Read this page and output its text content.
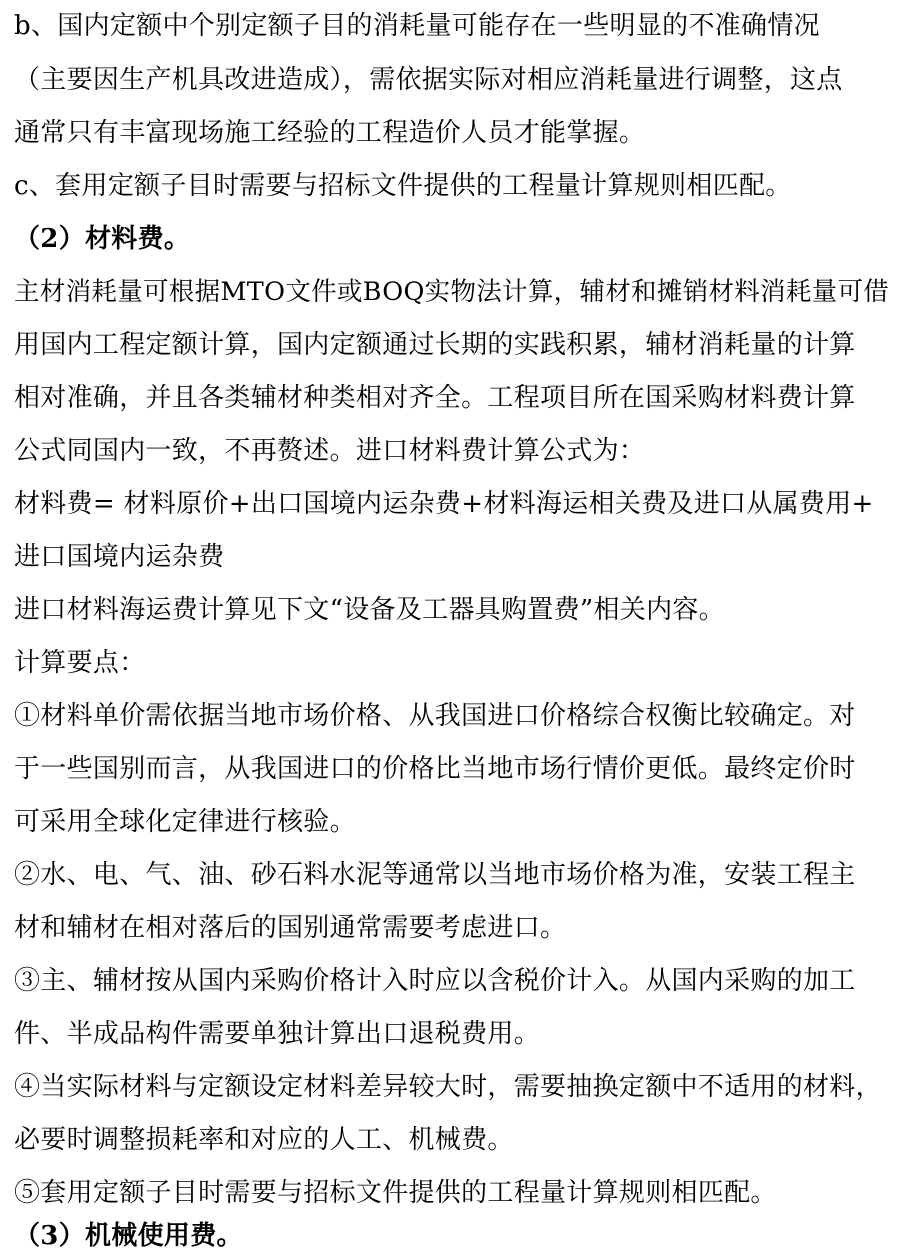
b、国内定额中个别定额子目的消耗量可能存在一些明显的不准确情况

（主要因生产机具改进造成），需依据实际对相应消耗量进行调整，这点

通常只有丰富现场施工经验的工程造价人员才能掌握。

c、套用定额子目时需要与招标文件提供的工程量计算规则相匹配。

（2）材料费。

主材消耗量可根据MTO文件或BOQ实物法计算，辅材和摊销材料消耗量可借

用国内工程定额计算，国内定额通过长期的实践积累，辅材消耗量的计算

相对准确，并且各类辅材种类相对齐全。工程项目所在国采购材料费计算

公式同国内一致，不再赘述。进口材料费计算公式为：

材料费= 材料原价+出口国境内运杂费+材料海运相关费及进口从属费用+

进口国境内运杂费

进口材料海运费计算见下文“设备及工器具购置费”相关内容。

计算要点：

①材料单价需依据当地市场价格、从我国进口价格综合权衡比较确定。对

于一些国别而言，从我国进口的价格比当地市场行情价更低。最终定价时

可采用全球化定律进行核验。

②水、电、气、油、砂石料水泥等通常以当地市场价格为准，安装工程主

材和辅材在相对落后的国别通常需要考虑进口。

③主、辅材按从国内采购价格计入时应以含税价计入。从国内采购的加工

件、半成品构件需要单独计算出口退税费用。

④当实际材料与定额设定材料差异较大时，需要抽换定额中不适用的材料，

必要时调整损耗率和对应的人工、机械费。

⑤套用定额子目时需要与招标文件提供的工程量计算规则相匹配。

（3）机械使用费。
